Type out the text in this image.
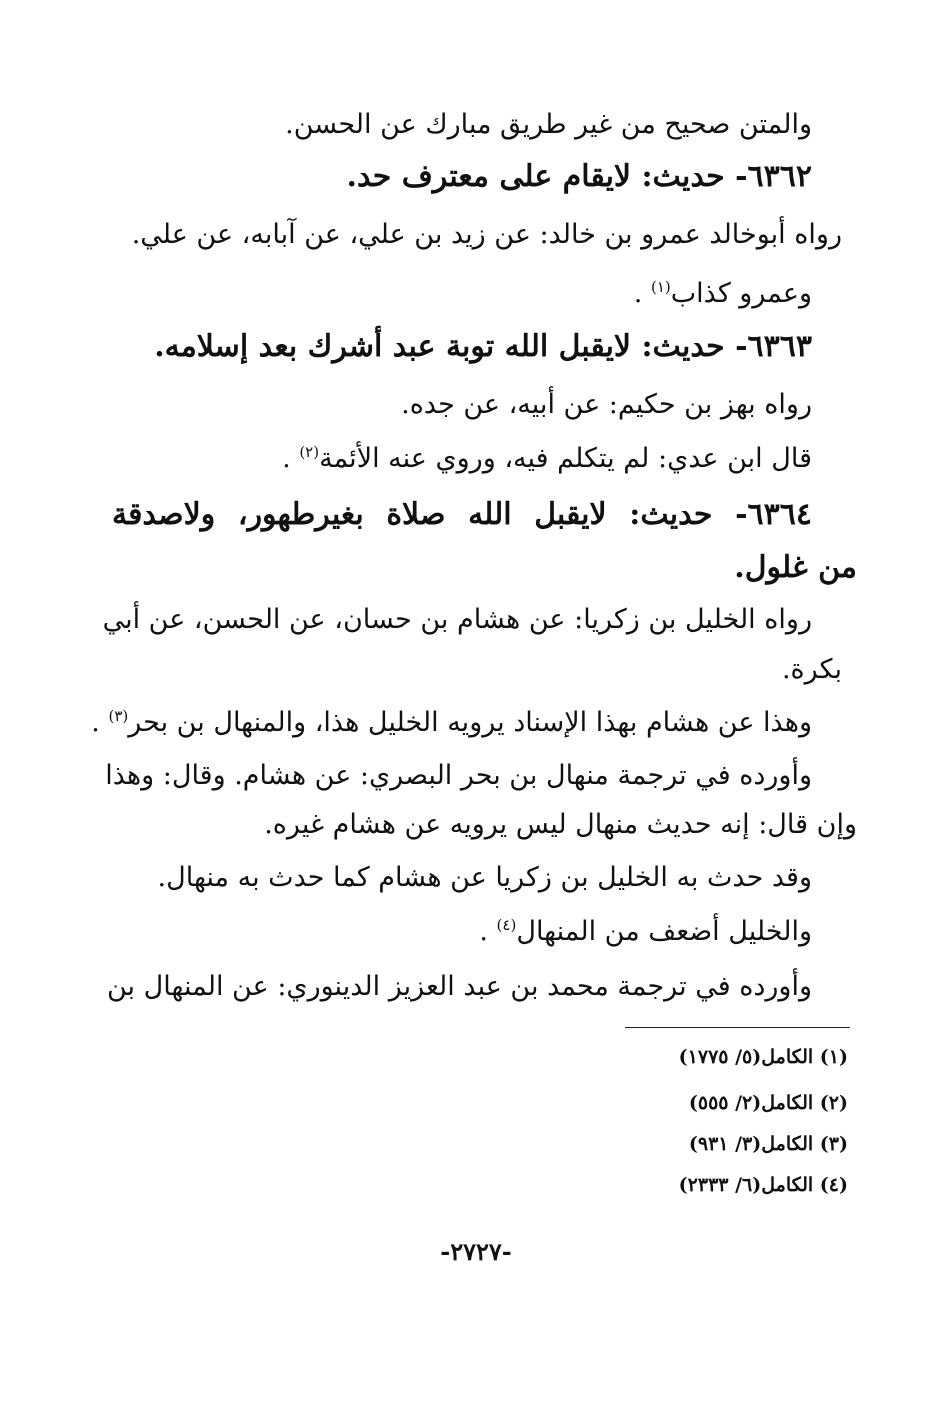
والمتن صحيح من غير طريق مبارك عن الحسن.
٦٣٦٢- حديث: لايقام على معترف حد.
رواه أبوخالد عمرو بن خالد: عن زيد بن علي، عن آبابه، عن علي.
وعمرو كذاب$^{(١)}$ .
٦٣٦٣- حديث: لايقبل الله توبة عبد أشرك بعد إسلامه.
رواه بهز بن حكيم: عن أبيه، عن جده.
قال ابن عدي: لم يتكلم فيه، وروي عنه الأئمة$^{(٢)}$ .
٦٣٦٤- حديث: لايقبل الله صلاة بغيرطهور، ولاصدقة
من غلول.
رواه الخليل بن زكريا: عن هشام بن حسان، عن الحسن، عن أبي
بكرة.
وهذا عن هشام بهذا الإسناد يرويه الخليل هذا، والمنهال بن بحر$^{(٣)}$ .
وأورده في ترجمة منهال بن بحر البصري: عن هشام. وقال: وهذا
وإن قال: إنه حديث منهال ليس يرويه عن هشام غيره.
وقد حدث به الخليل بن زكريا عن هشام كما حدث به منهال.
والخليل أضعف من المنهال$^{(٤)}$ .
وأورده في ترجمة محمد بن عبد العزيز الدينوري: عن المنهال بن
(١) الكامل(٥/ ١٧٧٥)
(٢) الكامل(٢/ ٥٥٥)
(٣) الكامل(٣/ ٩٣١)
(٤) الكامل(٦/ ٢٣٣٣)
-٢٧٢٧-
